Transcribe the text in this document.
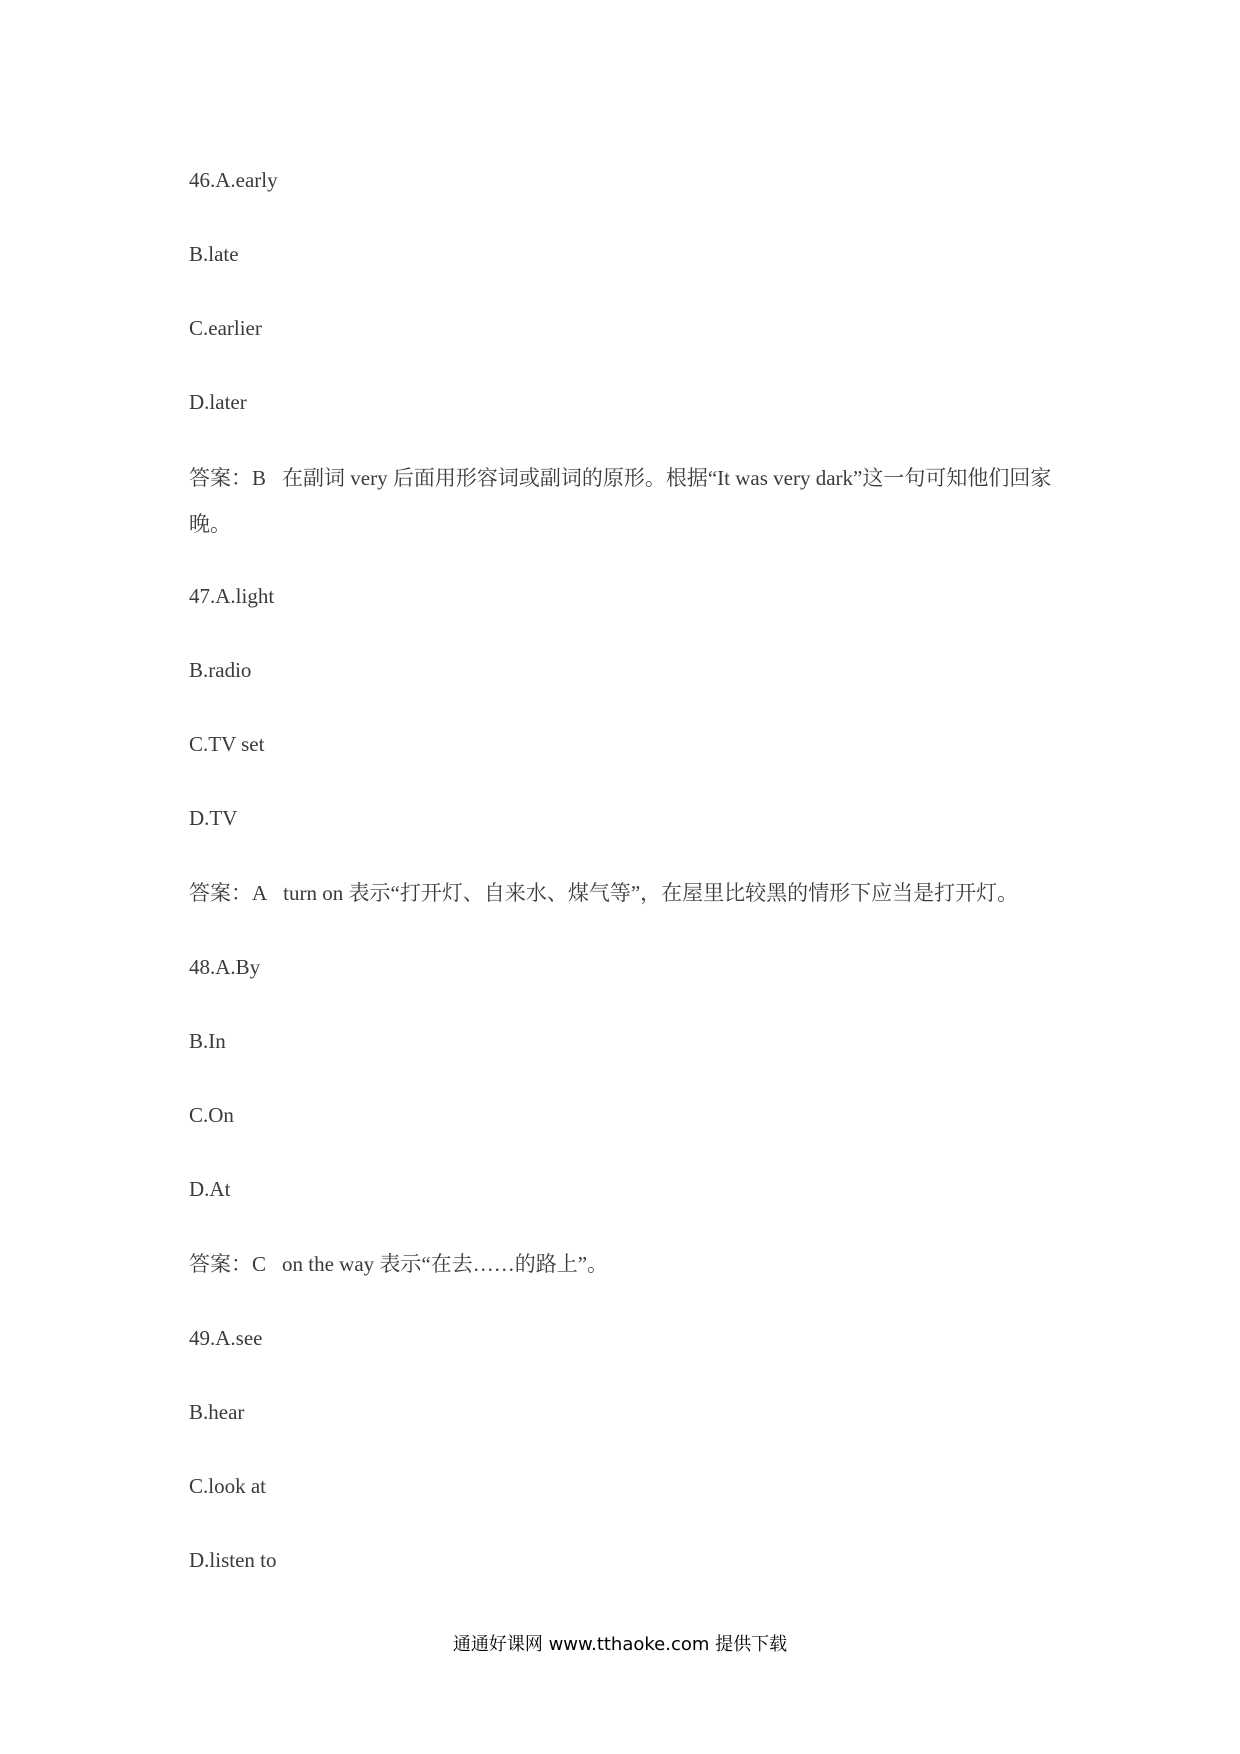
46.A.early
B.late
C.earlier
D.later
答案：B 在副词 very 后面用形容词或副词的原形。根据“It was very dark”这一句可知他们回家晚。
47.A.light
B.radio
C.TV set
D.TV
答案：A turn on 表示“打开灯、自来水、煤气等”，在屋里比较黑的情形下应当是打开灯。
48.A.By
B.In
C.On
D.At
答案：C on the way 表示“在去……的路上”。
49.A.see
B.hear
C.look at
D.listen to
通通好课网 www.tthaoke.com 提供下载
